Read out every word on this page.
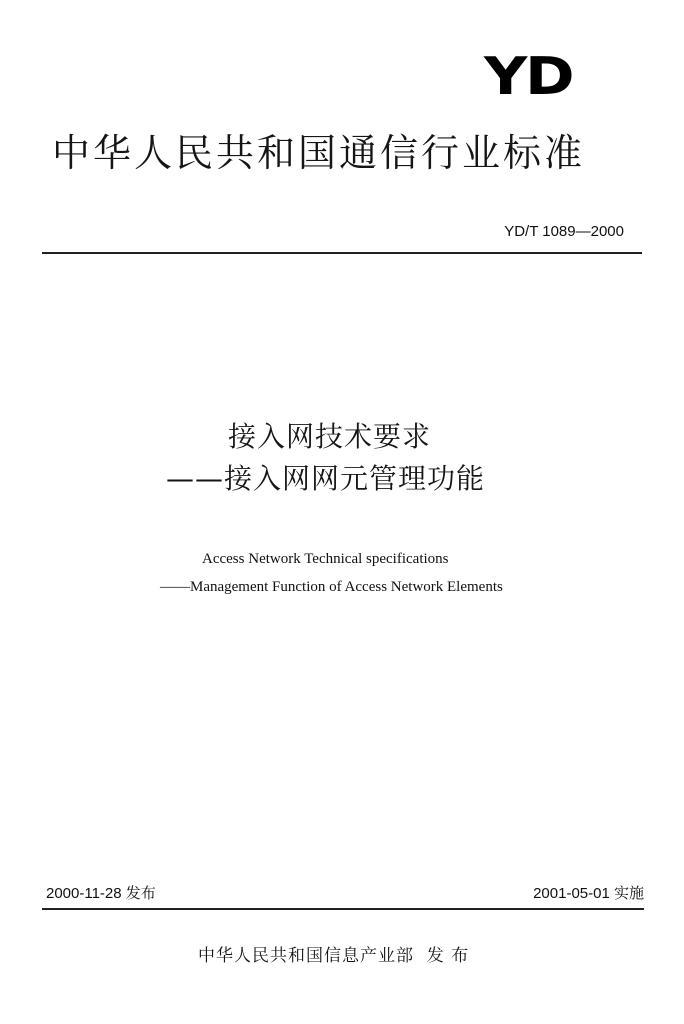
YD
中华人民共和国通信行业标准
YD/T 1089—2000
接入网技术要求
——接入网网元管理功能
Access Network Technical specifications
——Management Function of Access Network Elements
2000-11-28 发布	2001-05-01 实施
中华人民共和国信息产业部  发 布
